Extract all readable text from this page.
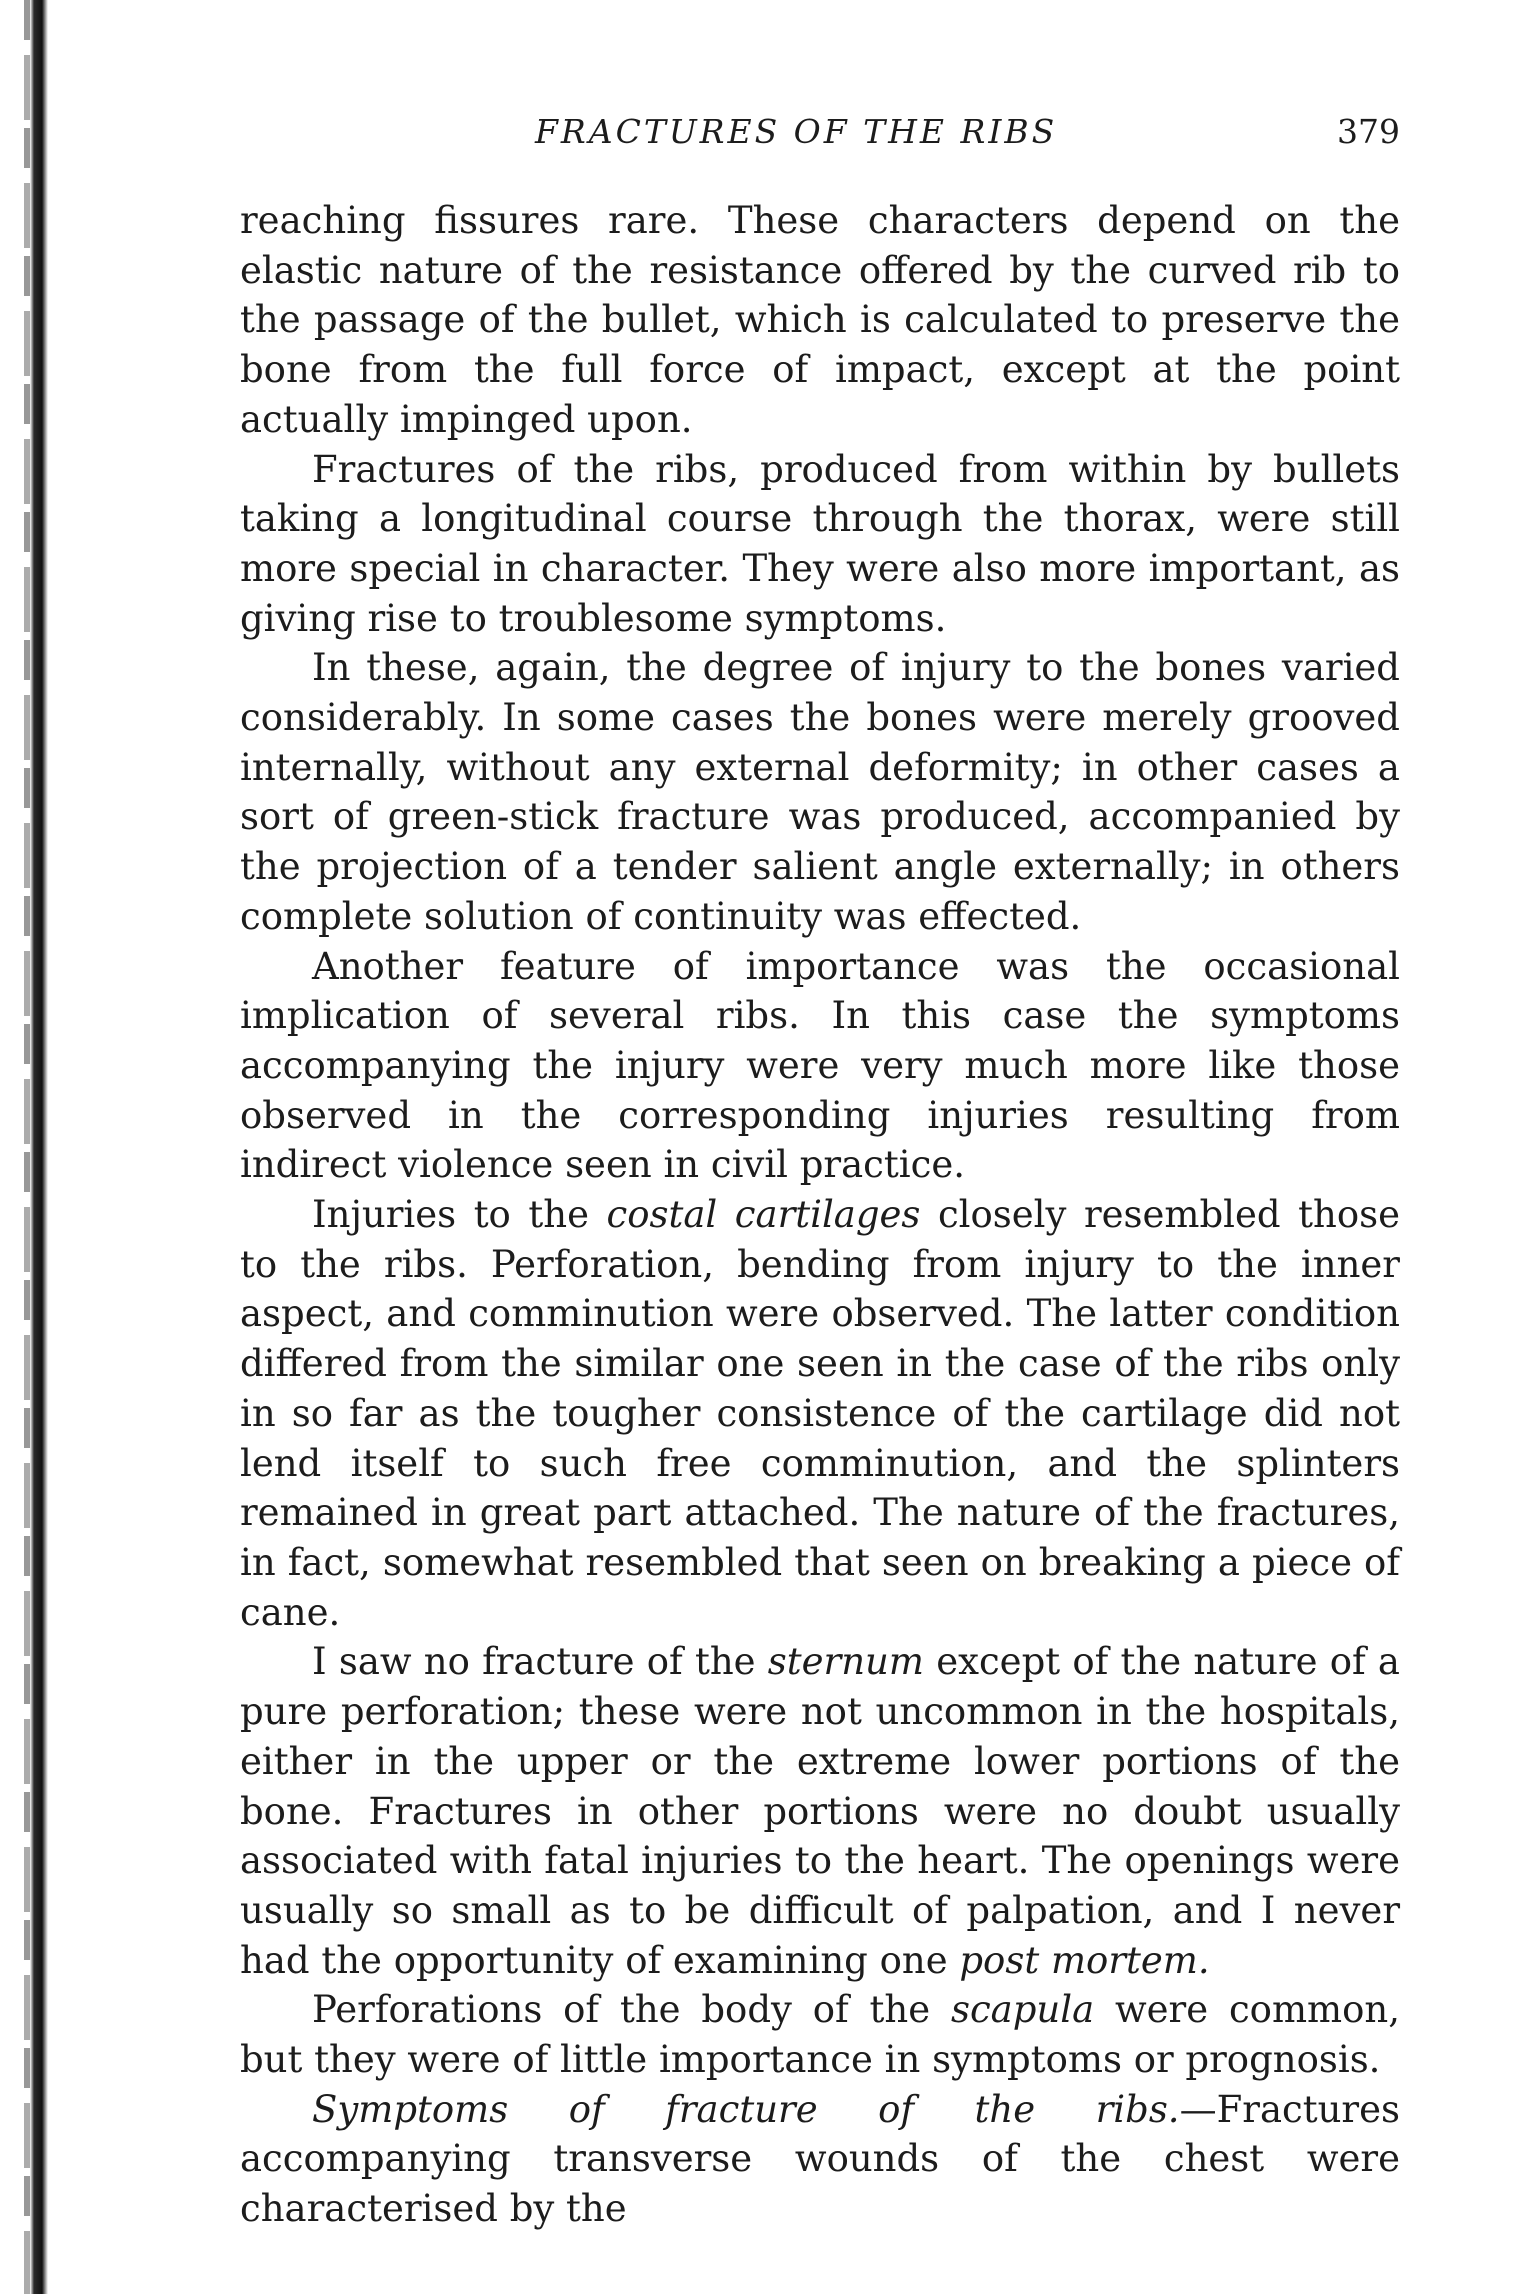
FRACTURES OF THE RIBS	379

reaching fissures rare. These characters depend on the elastic nature of the resistance offered by the curved rib to the passage of the bullet, which is calculated to preserve the bone from the full force of impact, except at the point actually impinged upon.

Fractures of the ribs, produced from within by bullets taking a longitudinal course through the thorax, were still more special in character. They were also more important, as giving rise to troublesome symptoms.

In these, again, the degree of injury to the bones varied considerably. In some cases the bones were merely grooved internally, without any external deformity; in other cases a sort of green-stick fracture was produced, accompanied by the projection of a tender salient angle externally; in others complete solution of continuity was effected.

Another feature of importance was the occasional implication of several ribs. In this case the symptoms accompanying the injury were very much more like those observed in the corresponding injuries resulting from indirect violence seen in civil practice.

Injuries to the costal cartilages closely resembled those to the ribs. Perforation, bending from injury to the inner aspect, and comminution were observed. The latter condition differed from the similar one seen in the case of the ribs only in so far as the tougher consistence of the cartilage did not lend itself to such free comminution, and the splinters remained in great part attached. The nature of the fractures, in fact, somewhat resembled that seen on breaking a piece of cane.

I saw no fracture of the sternum except of the nature of a pure perforation; these were not uncommon in the hospitals, either in the upper or the extreme lower portions of the bone. Fractures in other portions were no doubt usually associated with fatal injuries to the heart. The openings were usually so small as to be difficult of palpation, and I never had the opportunity of examining one post mortem.

Perforations of the body of the scapula were common, but they were of little importance in symptoms or prognosis.

Symptoms of fracture of the ribs.—Fractures accompanying transverse wounds of the chest were characterised by the
